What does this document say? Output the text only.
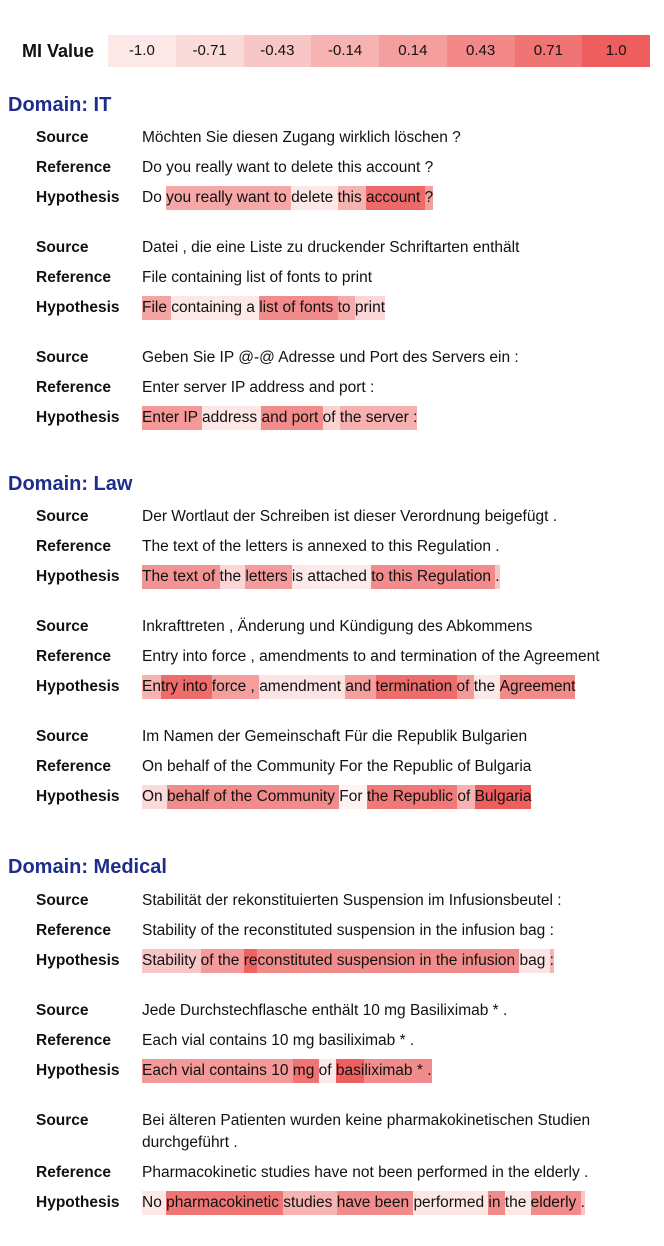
MI Value	-1.0	-0.71	-0.43	-0.14	0.14	0.43	0.71	1.0
Domain: IT
Source	Möchten Sie diesen Zugang wirklich löschen ?
Reference	Do you really want to delete this account ?
Hypothesis	Do you really want to delete this account ?
Source	Datei , die eine Liste zu druckender Schriftarten enthält
Reference	File containing list of fonts to print
Hypothesis	File containing a list of fonts to print
Source	Geben Sie IP @-@ Adresse und Port des Servers ein :
Reference	Enter server IP address and port :
Hypothesis	Enter IP address and port of the server :
Domain: Law
Source	Der Wortlaut der Schreiben ist dieser Verordnung beigefügt .
Reference	The text of the letters is annexed to this Regulation .
Hypothesis	The text of the letters is attached to this Regulation .
Source	Inkrafttreten , Änderung und Kündigung des Abkommens
Reference	Entry into force , amendments to and termination of the Agreement
Hypothesis	Entry into force , amendment and termination of the Agreement
Source	Im Namen der Gemeinschaft Für die Republik Bulgarien
Reference	On behalf of the Community For the Republic of Bulgaria
Hypothesis	On behalf of the Community For the Republic of Bulgaria
Domain: Medical
Source	Stabilität der rekonstituierten Suspension im Infusionsbeutel :
Reference	Stability of the reconstituted suspension in the infusion bag :
Hypothesis	Stability of the reconstituted suspension in the infusion bag :
Source	Jede Durchstechflasche enthält 10 mg Basiliximab * .
Reference	Each vial contains 10 mg basiliximab * .
Hypothesis	Each vial contains 10 mg of basiliximab * .
Source	Bei älteren Patienten wurden keine pharmakokinetischen Studien durchgeführt .
Reference	Pharmacokinetic studies have not been performed in the elderly .
Hypothesis	No pharmacokinetic studies have been performed in the elderly .
